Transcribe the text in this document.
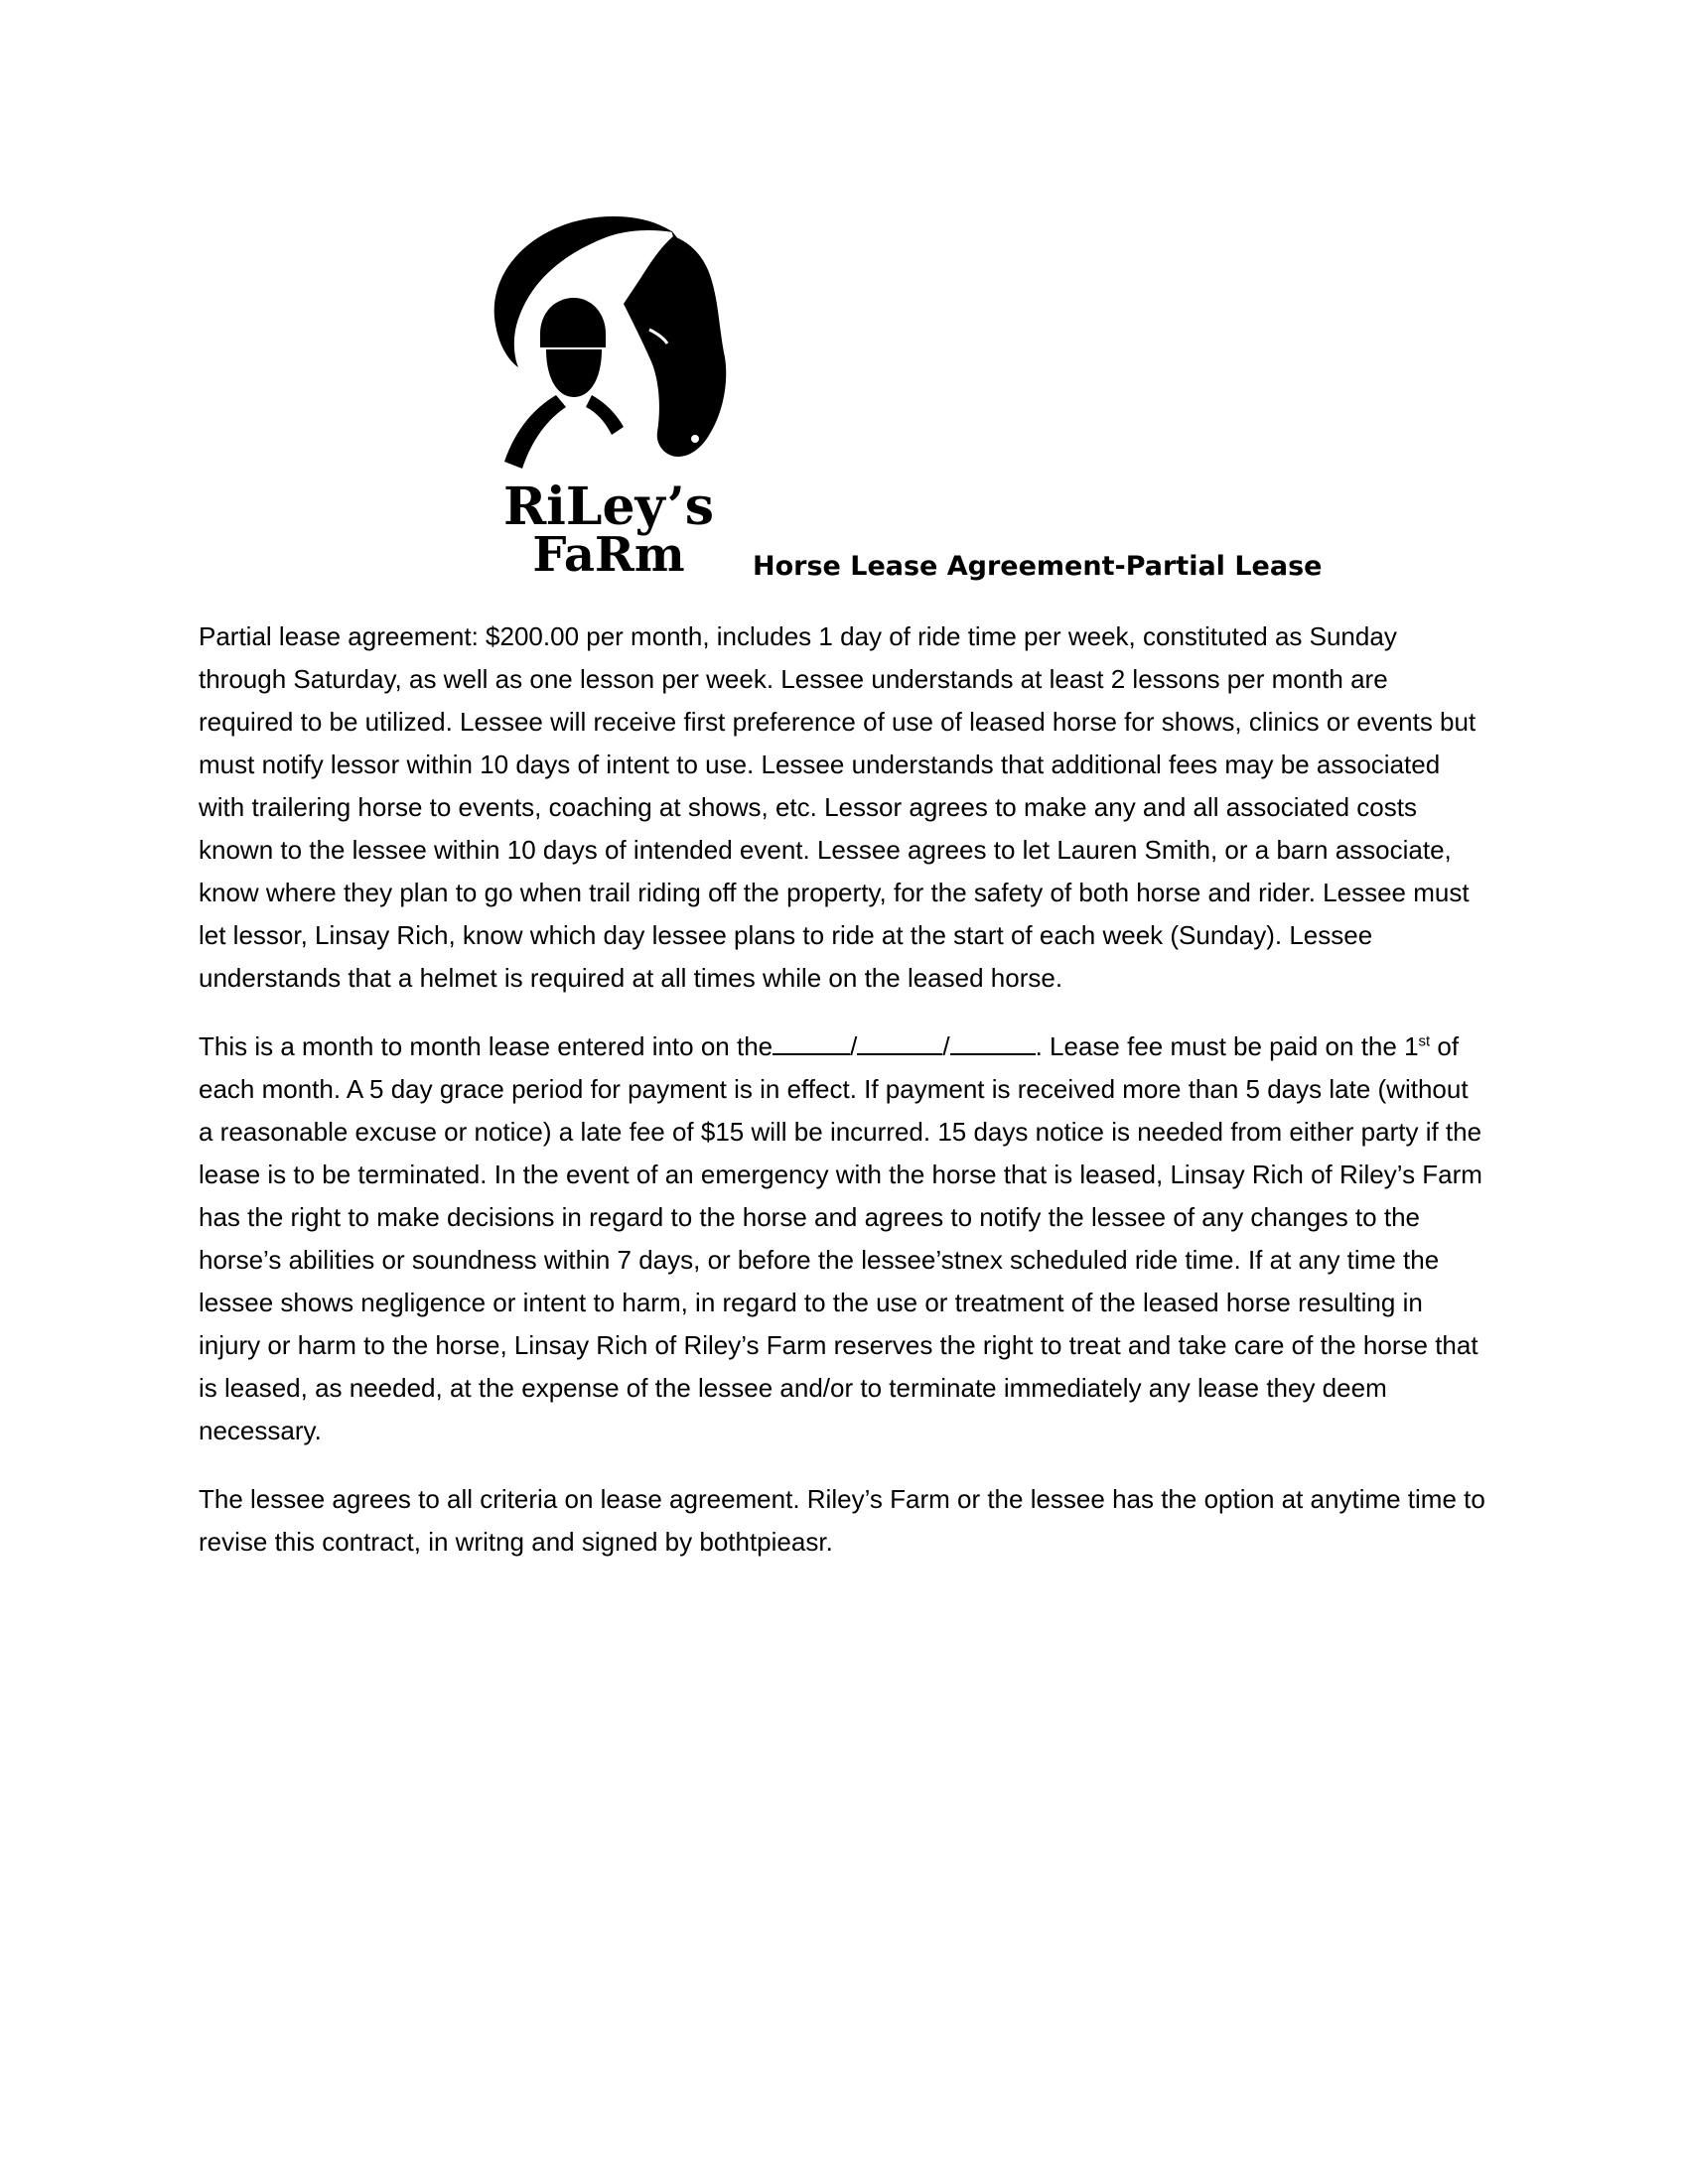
RiLey’s
FaRm	Horse Lease Agreement-Partial Lease

Partial lease agreement: $200.00 per month, includes 1 day of ride time per week, constituted as Sunday through Saturday, as well as one lesson per week. Lessee understands at least 2 lessons per month are required to be utilized. Lessee will receive first preference of use of leased horse for shows, clinics or events but must notify lessor within 10 days of intent to use. Lessee understands that additional fees may be associated with trailering horse to events, coaching at shows, etc. Lessor agrees to make any and all associated costs known to the lessee within 10 days of intended event. Lessee agrees to let Lauren Smith, or a barn associate, know where they plan to go when trail riding off the property, for the safety of both horse and rider. Lessee must let lessor, Linsay Rich, know which day lessee plans to ride at the start of each week (Sunday). Lessee understands that a helmet is required at all times while on the leased horse.

This is a month to month lease entered into on the	/	/	. Lease fee must be paid on the 1st of each month. A 5 day grace period for payment is in effect. If payment is received more than 5 days late (without a reasonable excuse or notice) a late fee of $15 will be incurred. 15 days notice is needed from either party if the lease is to be terminated. In the event of an emergency with the horse that is leased, Linsay Rich of Riley’s Farm has the right to make decisions in regard to the horse and agrees to notify the lessee of any changes to the horse’s abilities or soundness within 7 days, or before the lessee’stnex scheduled ride time. If at any time the lessee shows negligence or intent to harm, in regard to the use or treatment of the leased horse resulting in injury or harm to the horse, Linsay Rich of Riley’s Farm reserves the right to treat and take care of the horse that is leased, as needed, at the expense of the lessee and/or to terminate immediately any lease they deem necessary.

The lessee agrees to all criteria on lease agreement. Riley’s Farm or the lessee has the option at anytime time to revise this contract, in writng and signed by bothtpieasr.
